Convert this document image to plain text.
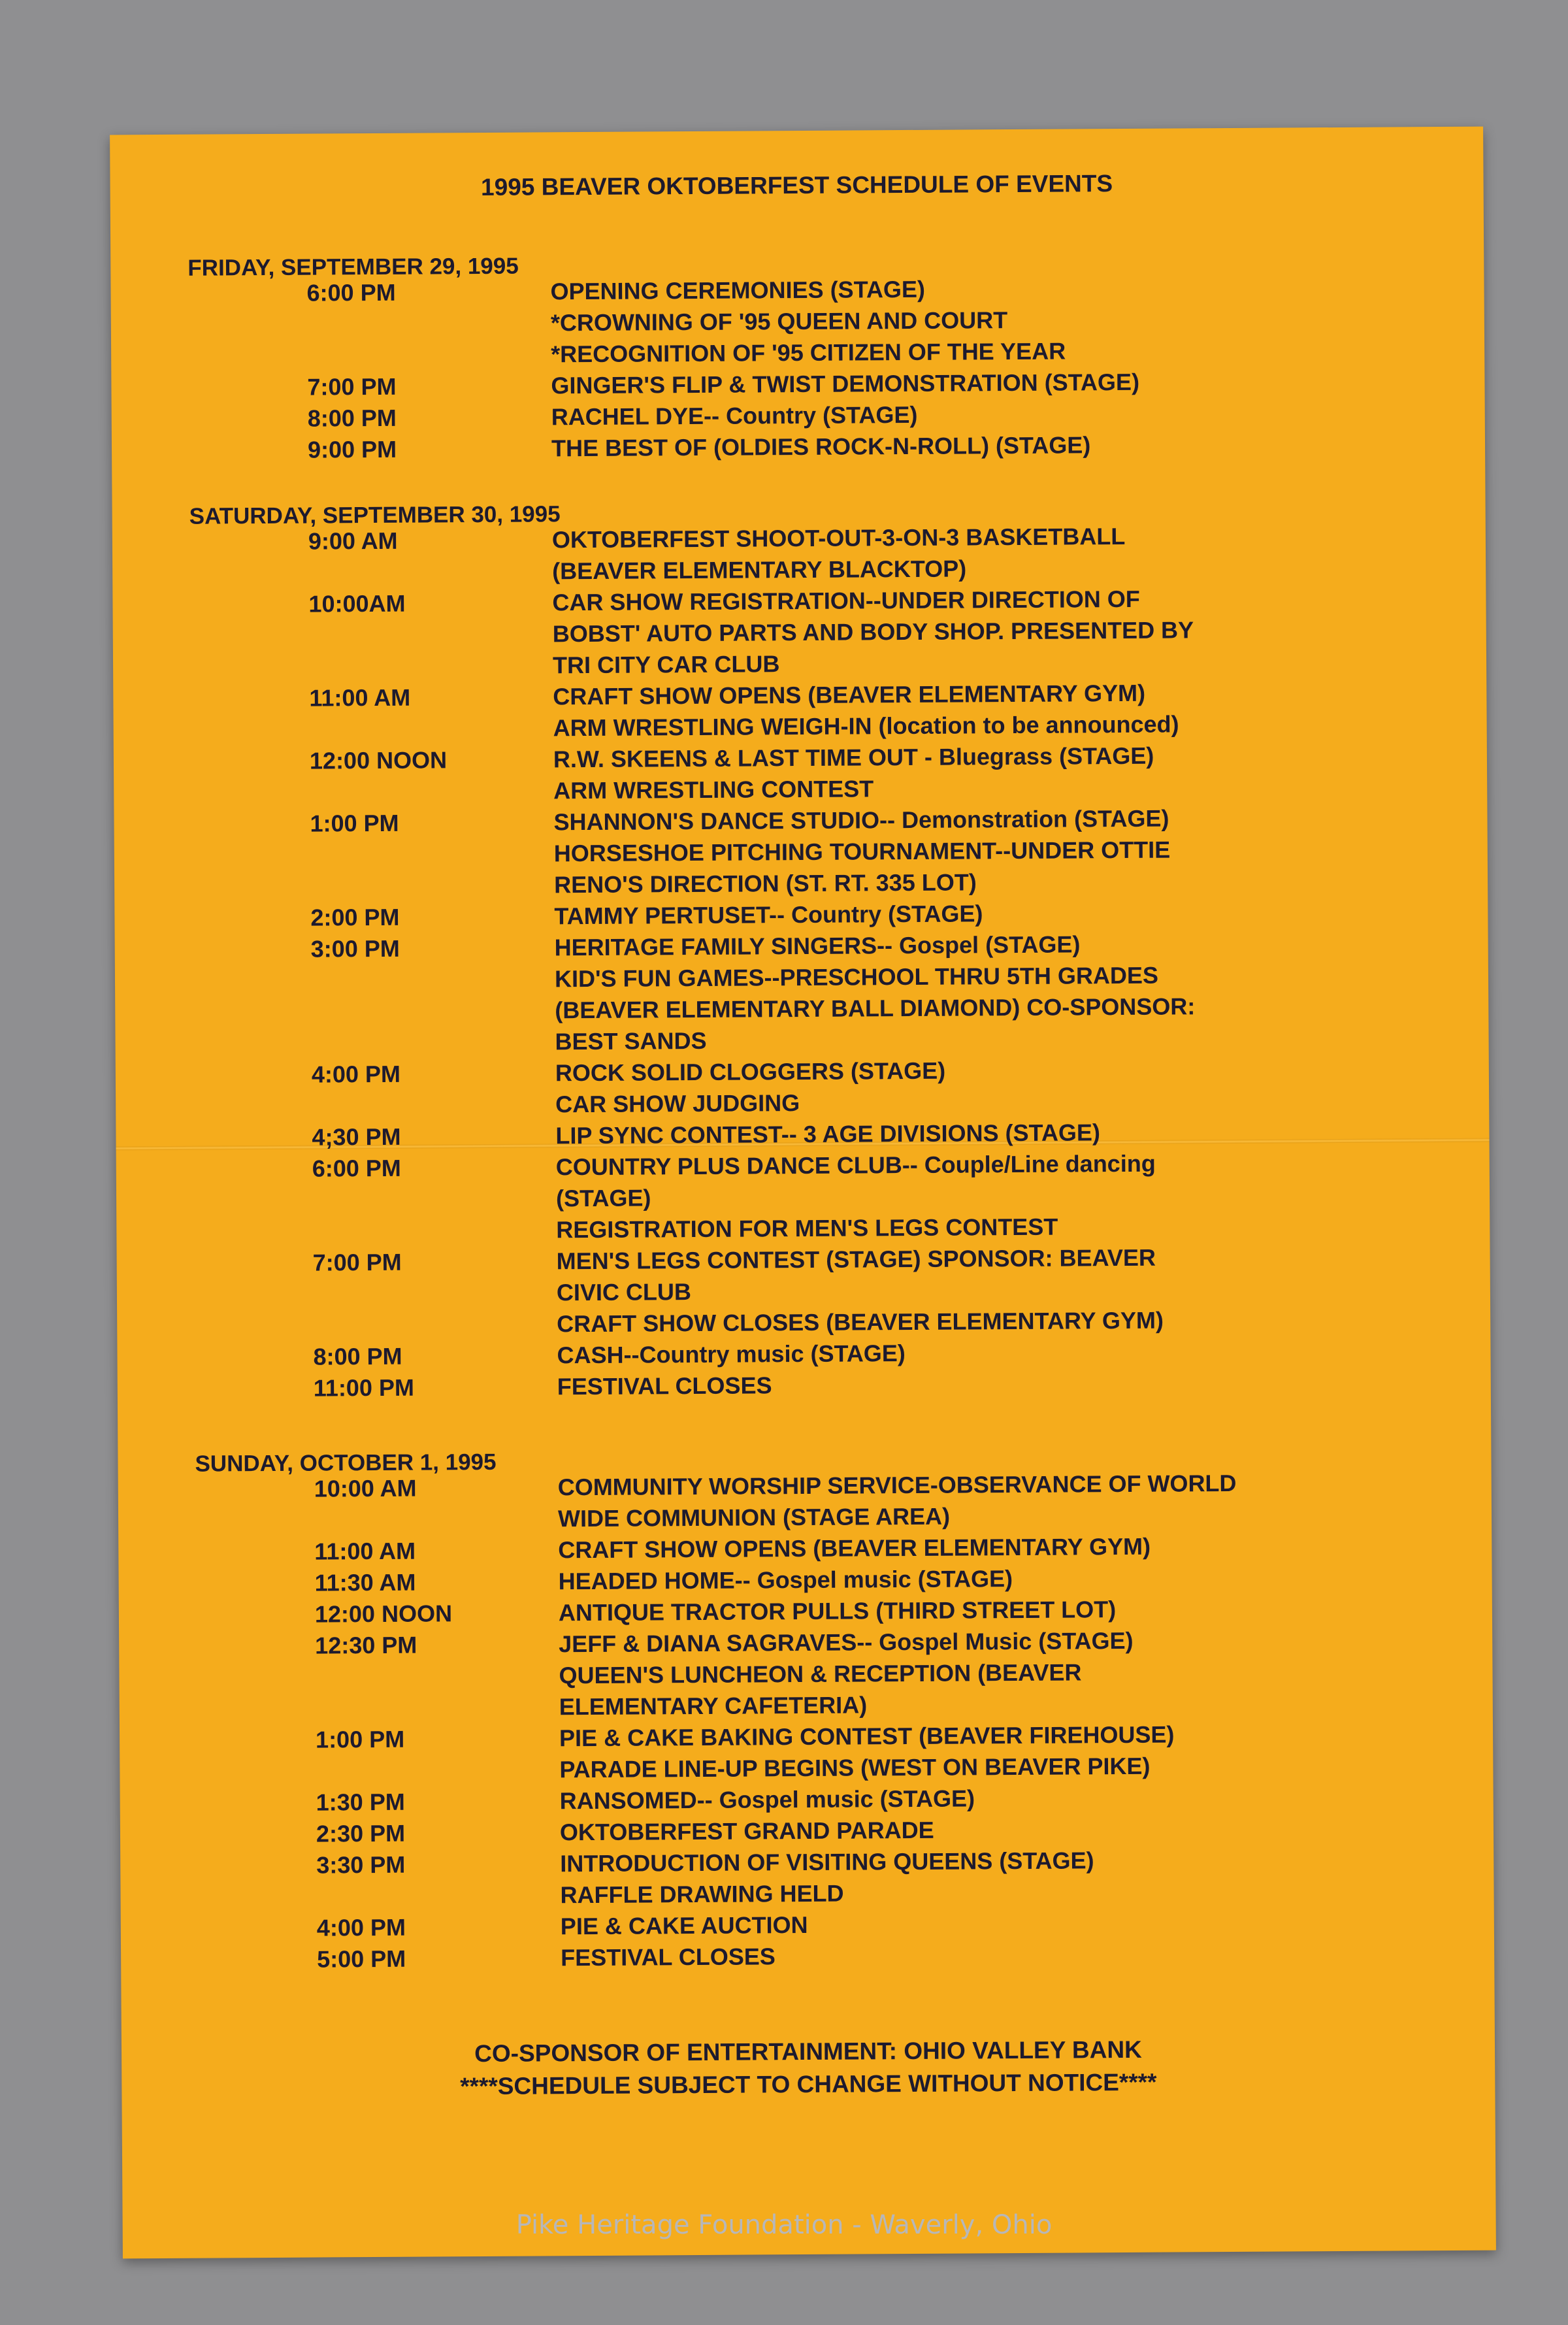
1995 BEAVER OKTOBERFEST SCHEDULE OF EVENTS
FRIDAY, SEPTEMBER 29, 1995
6:00 PM	OPENING CEREMONIES (STAGE)
*CROWNING OF '95 QUEEN AND COURT
*RECOGNITION OF '95 CITIZEN OF THE YEAR
7:00 PM	GINGER'S FLIP & TWIST DEMONSTRATION (STAGE)
8:00 PM	RACHEL DYE-- Country (STAGE)
9:00 PM	THE BEST OF (OLDIES ROCK-N-ROLL) (STAGE)
SATURDAY, SEPTEMBER 30, 1995
9:00 AM	OKTOBERFEST SHOOT-OUT-3-ON-3 BASKETBALL
(BEAVER ELEMENTARY BLACKTOP)
10:00AM	CAR SHOW REGISTRATION--UNDER DIRECTION OF
BOBST' AUTO PARTS AND BODY SHOP. PRESENTED BY
TRI CITY CAR CLUB
11:00 AM	CRAFT SHOW OPENS (BEAVER ELEMENTARY GYM)
ARM WRESTLING WEIGH-IN (location to be announced)
12:00 NOON	R.W. SKEENS & LAST TIME OUT - Bluegrass (STAGE)
ARM WRESTLING CONTEST
1:00 PM	SHANNON'S DANCE STUDIO-- Demonstration (STAGE)
HORSESHOE PITCHING TOURNAMENT--UNDER OTTIE
RENO'S DIRECTION (ST. RT. 335 LOT)
2:00 PM	TAMMY PERTUSET-- Country (STAGE)
3:00 PM	HERITAGE FAMILY SINGERS-- Gospel (STAGE)
KID'S FUN GAMES--PRESCHOOL THRU 5TH GRADES
(BEAVER ELEMENTARY BALL DIAMOND) CO-SPONSOR:
BEST SANDS
4:00 PM	ROCK SOLID CLOGGERS (STAGE)
CAR SHOW JUDGING
4;30 PM	LIP SYNC CONTEST-- 3 AGE DIVISIONS (STAGE)
6:00 PM	COUNTRY PLUS DANCE CLUB-- Couple/Line dancing
(STAGE)
REGISTRATION FOR MEN'S LEGS CONTEST
7:00 PM	MEN'S LEGS CONTEST (STAGE) SPONSOR: BEAVER
CIVIC CLUB
CRAFT SHOW CLOSES (BEAVER ELEMENTARY GYM)
8:00 PM	CASH--Country music (STAGE)
11:00 PM	FESTIVAL CLOSES
SUNDAY, OCTOBER 1, 1995
10:00 AM	COMMUNITY WORSHIP SERVICE-OBSERVANCE OF WORLD
WIDE COMMUNION (STAGE AREA)
11:00 AM	CRAFT SHOW OPENS (BEAVER ELEMENTARY GYM)
11:30 AM	HEADED HOME-- Gospel music (STAGE)
12:00 NOON	ANTIQUE TRACTOR PULLS (THIRD STREET LOT)
12:30 PM	JEFF & DIANA SAGRAVES-- Gospel Music (STAGE)
QUEEN'S LUNCHEON & RECEPTION (BEAVER
ELEMENTARY CAFETERIA)
1:00 PM	PIE & CAKE BAKING CONTEST (BEAVER FIREHOUSE)
PARADE LINE-UP BEGINS (WEST ON BEAVER PIKE)
1:30 PM	RANSOMED-- Gospel music (STAGE)
2:30 PM	OKTOBERFEST GRAND PARADE
3:30 PM	INTRODUCTION OF VISITING QUEENS (STAGE)
RAFFLE DRAWING HELD
4:00 PM	PIE & CAKE AUCTION
5:00 PM	FESTIVAL CLOSES
CO-SPONSOR OF ENTERTAINMENT: OHIO VALLEY BANK
****SCHEDULE SUBJECT TO CHANGE WITHOUT NOTICE****
Pike Heritage Foundation - Waverly, Ohio
